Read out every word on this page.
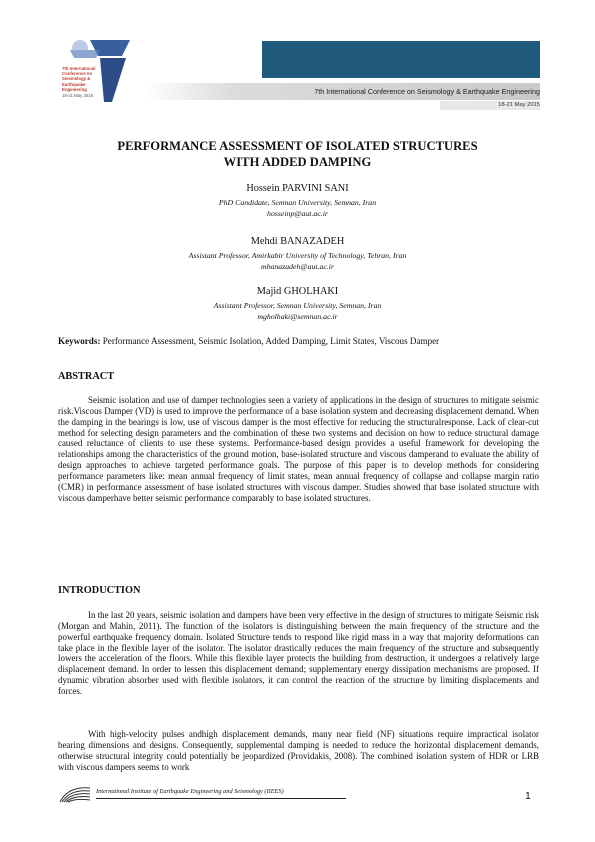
7th International
Conference on
Seismology &
Earthquake
Engineering
18-21 May 2015	7th International Conference on Seismology & Earthquake Engineering
18-21 May 2015
PERFORMANCE ASSESSMENT OF ISOLATED STRUCTURES
WITH ADDED DAMPING
Hossein PARVINI SANI
PhD Candidate, Semnan University, Semnan, Iran
hosseinp@aut.ac.ir
Mehdi BANAZADEH
Assistant Professor, Amirkabir University of Technology, Tehran, Iran
mbanazadeh@aut.ac.ir
Majid GHOLHAKI
Assistant Professor, Semnan University, Semnan, Iran
mgholhaki@semnan.ac.ir
Keywords: Performance Assessment, Seismic Isolation, Added Damping, Limit States, Viscous Damper
ABSTRACT
Seismic isolation and use of damper technologies seen a variety of applications in the design of structures to mitigate seismic risk.Viscous Damper (VD) is used to improve the performance of a base isolation system and decreasing displacement demand. When the damping in the bearings is low, use of viscous damper is the most effective for reducing the structuralresponse. Lack of clear-cut method for selecting design parameters and the combination of these two systems and decision on how to reduce structural damage caused reluctance of clients to use these systems. Performance-based design provides a useful framework for developing the relationships among the characteristics of the ground motion, base-isolated structure and viscous damperand to evaluate the ability of design approaches to achieve targeted performance goals. The purpose of this paper is to develop methods for considering performance parameters like: mean annual frequency of limit states, mean annual frequency of collapse and collapse margin ratio (CMR) in performance assessment of base isolated structures with viscous damper. Studies showed that base isolated structure with viscous damperhave better seismic performance comparably to base isolated structures.
INTRODUCTION
In the last 20 years, seismic isolation and dampers have been very effective in the design of structures to mitigate Seismic risk (Morgan and Mahin, 2011). The function of the isolators is distinguishing between the main frequency of the structure and the powerful earthquake frequency domain. Isolated Structure tends to respond like rigid mass in a way that majority deformations can take place in the flexible layer of the isolator. The isolator drastically reduces the main frequency of the structure and subsequently lowers the acceleration of the floors. While this flexible layer protects the building from destruction, it undergoes a relatively large displacement demand. In order to lessen this displacement demand; supplementary energy dissipation mechanisms are proposed. If dynamic vibration absorber used with flexible isolators, it can control the reaction of the structure by limiting displacements and forces.
With high-velocity pulses andhigh displacement demands, many near field (NF) situations require impractical isolator bearing dimensions and designs. Consequently, supplemental damping is needed to reduce the horizontal displacement demands, otherwise structural integrity could potentially be jeopardized (Providakis, 2008). The combined isolation system of HDR or LRB with viscous dampers seems to work
International Institute of Earthquake Engineering and Seismology (IIEES)	1
